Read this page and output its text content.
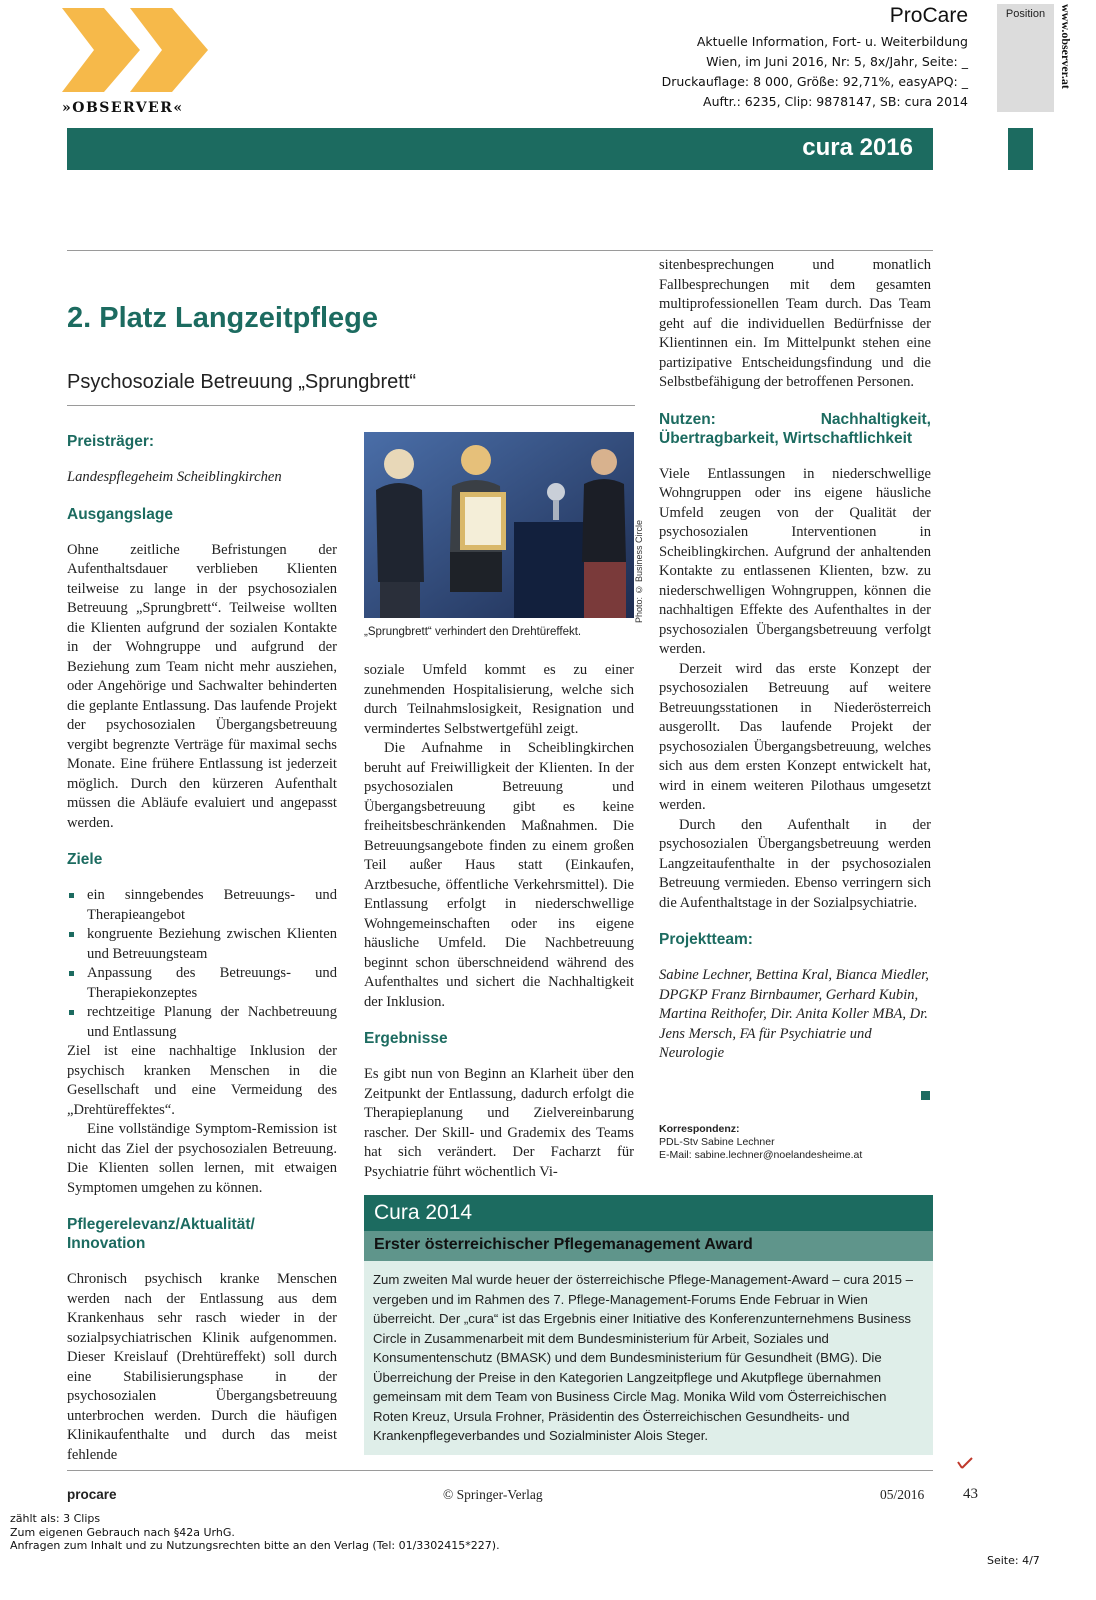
»OBSERVER«
ProCare
Aktuelle Information, Fort- u. Weiterbildung
Wien, im Juni 2016, Nr: 5, 8x/Jahr, Seite: _
Druckauflage: 8 000, Größe: 92,71%, easyAPQ: _
Auftr.: 6235, Clip: 9878147, SB: cura 2014
Position	www.observer.at
cura 2016
2. Platz Langzeitpflege
Psychosoziale Betreuung „Sprungbrett“
Preisträger:

Landespflegeheim Scheiblingkirchen

Ausgangslage

Ohne zeitliche Befristungen der Aufenthaltsdauer verblieben Klienten teilweise zu lange in der psychosozialen Betreuung „Sprungbrett“. Teilweise wollten die Klienten aufgrund der sozialen Kontakte in der Wohngruppe und aufgrund der Beziehung zum Team nicht mehr ausziehen, oder Angehörige und Sachwalter behinderten die geplante Entlassung. Das laufende Projekt der psychosozialen Übergangsbetreuung vergibt begrenzte Verträge für maximal sechs Monate. Eine frühere Entlassung ist jederzeit möglich. Durch den kürzeren Aufenthalt müssen die Abläufe evaluiert und angepasst werden.

Ziele
ein sinngebendes Betreuungs- und Therapieangebot
kongruente Beziehung zwischen Klienten und Betreuungsteam
Anpassung des Betreuungs- und Therapiekonzeptes
rechtzeitige Planung der Nachbetreuung und Entlassung

Ziel ist eine nachhaltige Inklusion der psychisch kranken Menschen in die Gesellschaft und eine Vermeidung des „Drehtüreffektes“.

Eine vollständige Symptom-Remission ist nicht das Ziel der psychosozialen Betreuung. Die Klienten sollen lernen, mit etwaigen Symptomen umgehen zu können.

Pflegerelevanz/Aktualität/ Innovation

Chronisch psychisch kranke Menschen werden nach der Entlassung aus dem Krankenhaus sehr rasch wieder in der sozialpsychiatrischen Klinik aufgenommen. Dieser Kreislauf (Drehtüreffekt) soll durch eine Stabilisierungsphase in der psychosozialen Übergangsbetreuung unterbrochen werden. Durch die häufigen Klinikaufenthalte und durch das meist fehlende

Photo: © Business Circle
„Sprungbrett“ verhindert den Drehtüreffekt.

soziale Umfeld kommt es zu einer zunehmenden Hospitalisierung, welche sich durch Teilnahmslosigkeit, Resignation und vermindertes Selbstwertgefühl zeigt.

Die Aufnahme in Scheiblingkirchen beruht auf Freiwilligkeit der Klienten. In der psychosozialen Betreuung und Übergangsbetreuung gibt es keine freiheitsbeschränkenden Maßnahmen. Die Betreuungsangebote finden zu einem großen Teil außer Haus statt (Einkaufen, Arztbesuche, öffentliche Verkehrsmittel). Die Entlassung erfolgt in niederschwellige Wohngemeinschaften oder ins eigene häusliche Umfeld. Die Nachbetreuung beginnt schon überschneidend während des Aufenthaltes und sichert die Nachhaltigkeit der Inklusion.

Ergebnisse

Es gibt nun von Beginn an Klarheit über den Zeitpunkt der Entlassung, dadurch erfolgt die Therapieplanung und Zielvereinbarung rascher. Der Skill- und Grademix des Teams hat sich verändert. Der Facharzt für Psychiatrie führt wöchentlich Vi-

sitenbesprechungen und monatlich Fallbesprechungen mit dem gesamten multiprofessionellen Team durch. Das Team geht auf die individuellen Bedürfnisse der Klientinnen ein. Im Mittelpunkt stehen eine partizipative Entscheidungsfindung und die Selbstbefähigung der betroffenen Personen.

Nutzen: Nachhaltigkeit, Übertragbarkeit, Wirtschaftlichkeit

Viele Entlassungen in niederschwellige Wohngruppen oder ins eigene häusliche Umfeld zeugen von der Qualität der psychosozialen Interventionen in Scheiblingkirchen. Aufgrund der anhaltenden Kontakte zu entlassenen Klienten, bzw. zu niederschwelligen Wohngruppen, können die nachhaltigen Effekte des Aufenthaltes in der psychosozialen Übergangsbetreuung verfolgt werden.

Derzeit wird das erste Konzept der psychosozialen Betreuung auf weitere Betreuungsstationen in Niederösterreich ausgerollt. Das laufende Projekt der psychosozialen Übergangsbetreuung, welches sich aus dem ersten Konzept entwickelt hat, wird in einem weiteren Pilothaus umgesetzt werden.

Durch den Aufenthalt in der psychosozialen Übergangsbetreuung werden Langzeitaufenthalte in der psychosozialen Betreuung vermieden. Ebenso verringern sich die Aufenthaltstage in der Sozialpsychiatrie.

Projektteam:

Sabine Lechner, Bettina Kral, Bianca Miedler, DPGKP Franz Birnbaumer, Gerhard Kubin, Martina Reithofer, Dir. Anita Koller MBA, Dr. Jens Mersch, FA für Psychiatrie und Neurologie

Korrespondenz:
PDL-Stv Sabine Lechner
E-Mail: sabine.lechner@noelandesheime.at
Cura 2014
Erster österreichischer Pflegemanagement Award
Zum zweiten Mal wurde heuer der österreichische Pflege-Management-Award – cura 2015 – vergeben und im Rahmen des 7. Pflege-Management-Forums Ende Februar in Wien überreicht. Der „cura“ ist das Ergebnis einer Initiative des Konferenzunternehmens Business Circle in Zusammenarbeit mit dem Bundesministerium für Arbeit, Soziales und Konsumentenschutz (BMASK) und dem Bundesministerium für Gesundheit (BMG). Die Überreichung der Preise in den Kategorien Langzeitpflege und Akutpflege übernahmen gemeinsam mit dem Team von Business Circle Mag. Monika Wild vom Österreichischen Roten Kreuz, Ursula Frohner, Präsidentin des Österreichischen Gesundheits- und Krankenpflegeverbandes und Sozialminister Alois Steger.
procare	© Springer-Verlag	05/2016	43
zählt als: 3 Clips
Zum eigenen Gebrauch nach §42a UrhG.
Anfragen zum Inhalt und zu Nutzungsrechten bitte an den Verlag (Tel: 01/3302415*227).
Seite: 4/7
